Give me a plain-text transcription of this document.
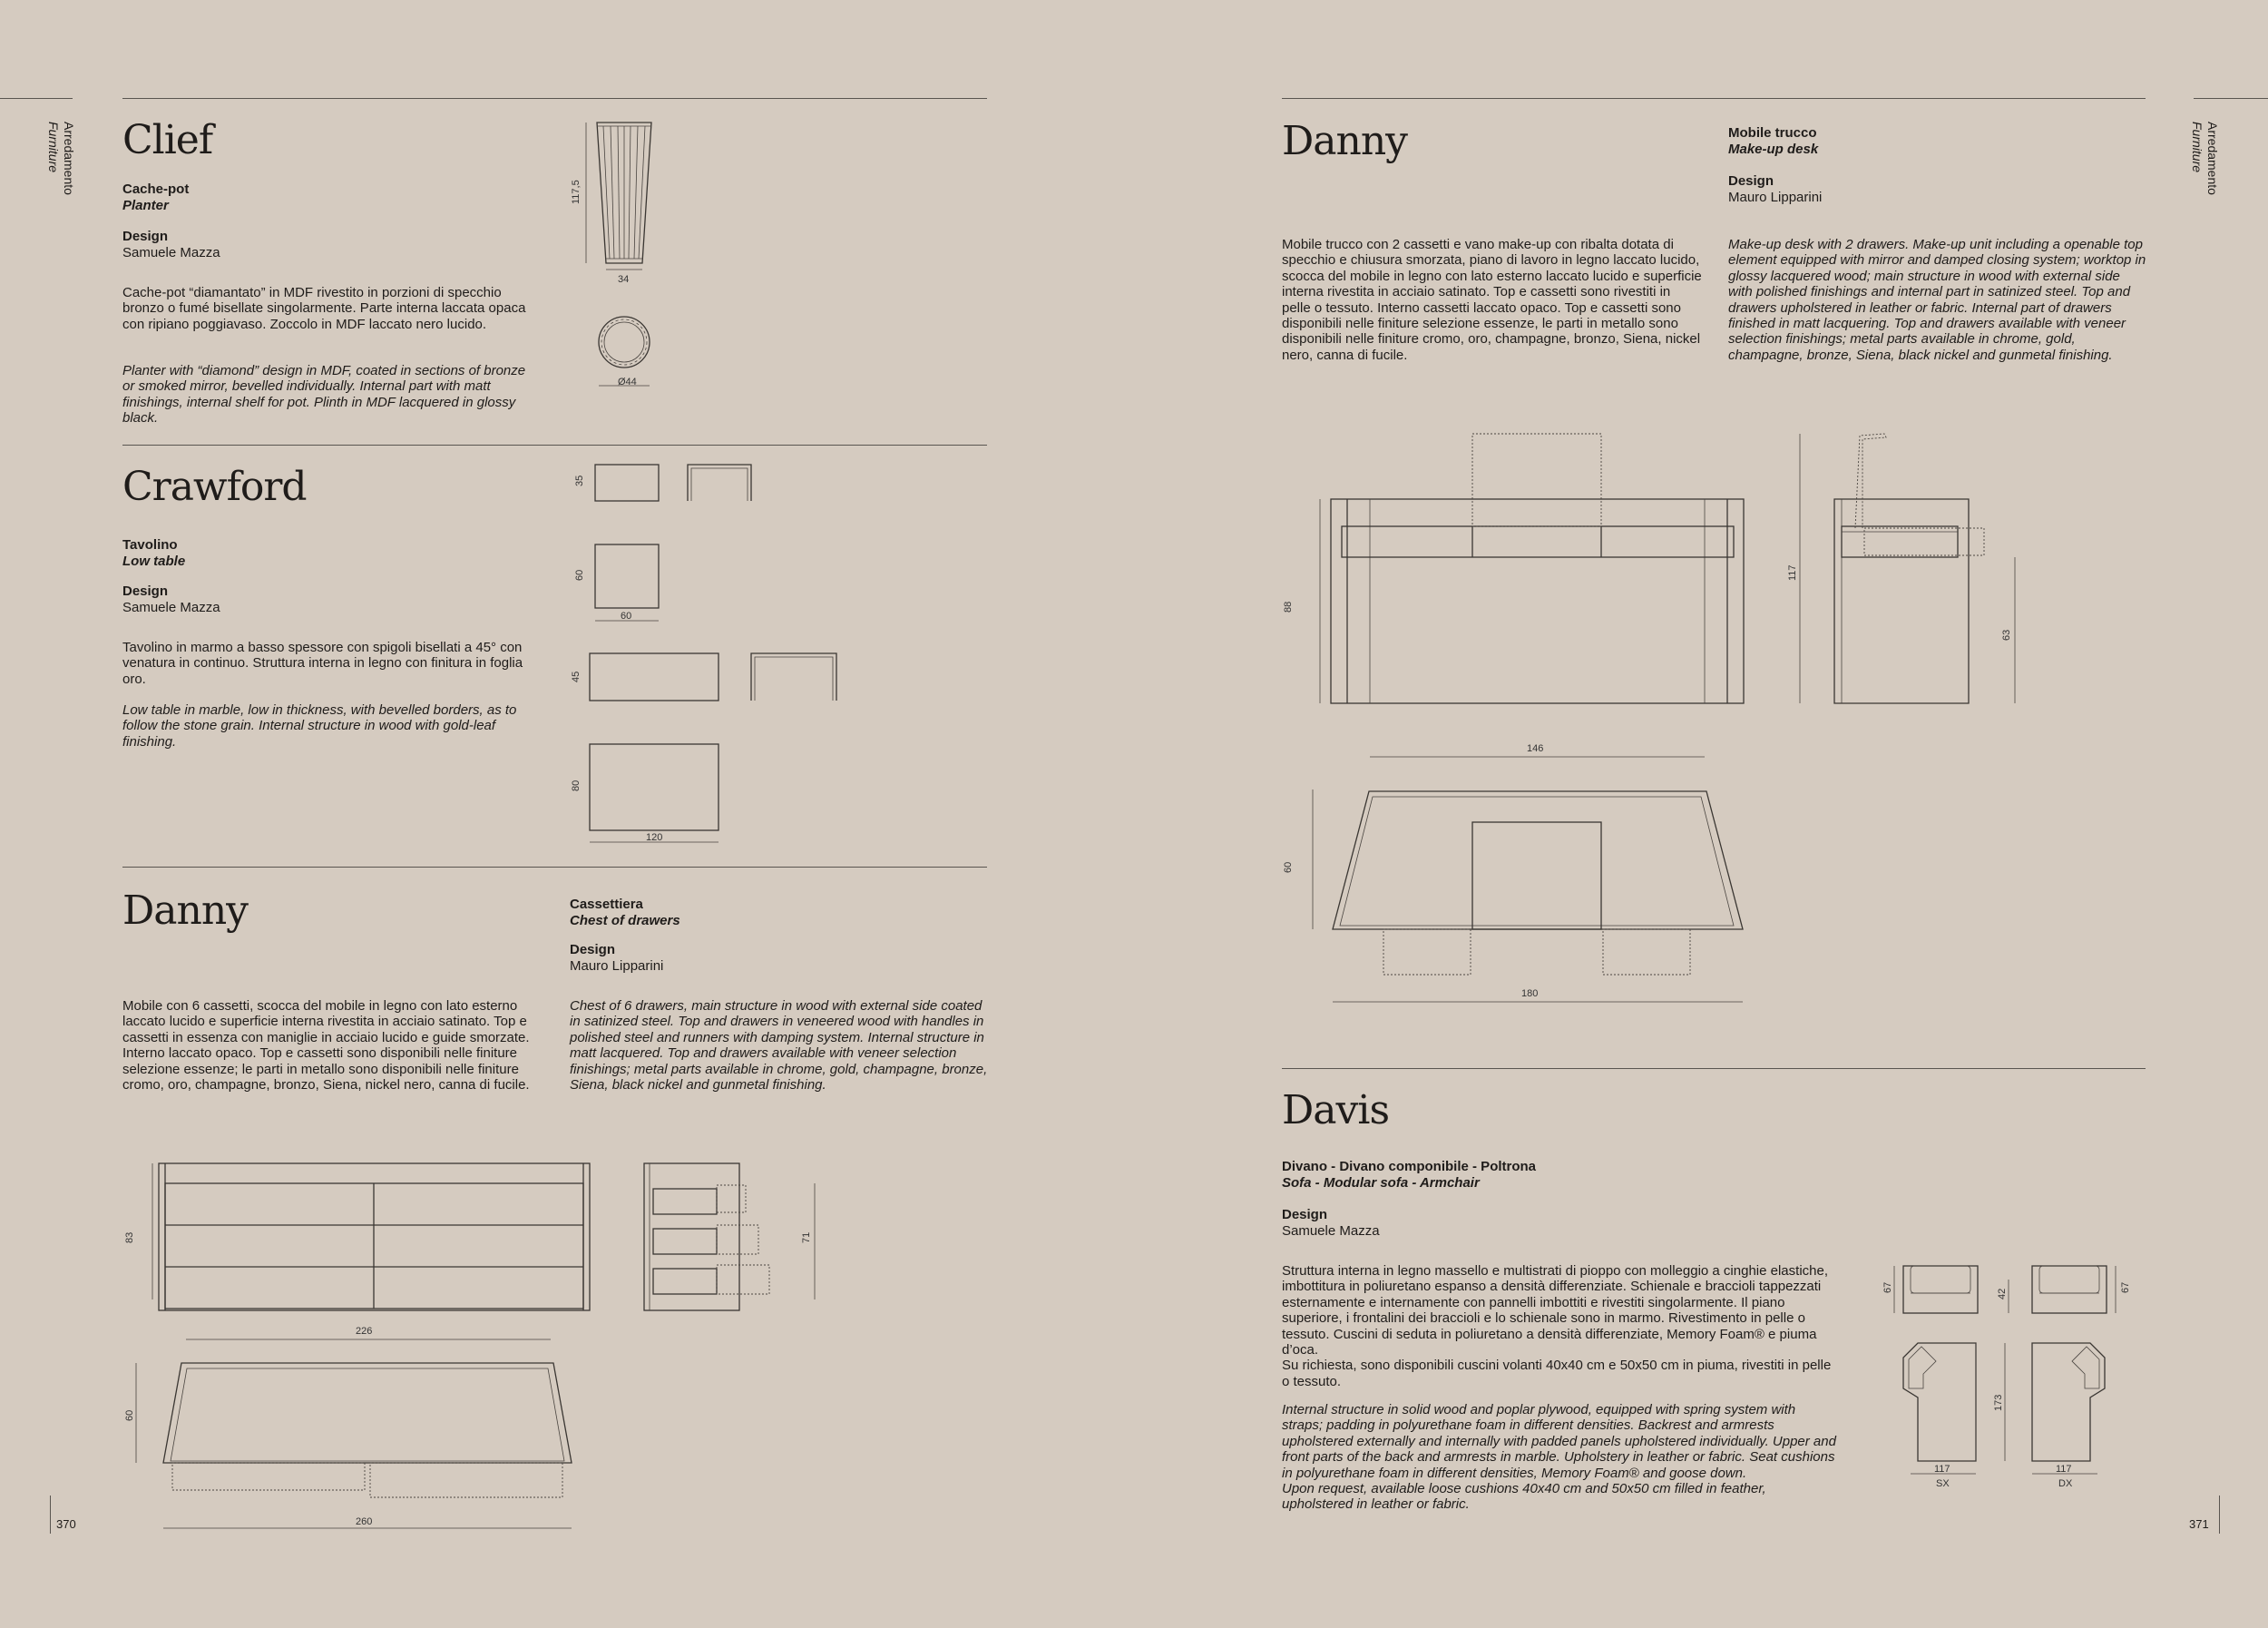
Arredamento
Furniture
370
Clief
Cache-pot
Planter
Design
Samuele Mazza

Cache-pot “diamantato” in MDF rivestito in porzioni di specchio bronzo o fumé bisellate singolarmente. Parte interna laccata opaca con ripiano poggiavaso. Zoccolo in MDF laccato nero lucido.

Planter with “diamond” design in MDF, coated in sections of bronze or smoked mirror, bevelled individually. Internal part with matt finishings, internal shelf for pot. Plinth in MDF lacquered in glossy black.

117,5
34
Ø44
Crawford
Tavolino
Low table
Design
Samuele Mazza

Tavolino in marmo a basso spessore con spigoli bisellati a 45° con venatura in continuo. Struttura interna in legno con finitura in foglia oro.

Low table in marble, low in thickness, with bevelled borders, as to follow the stone grain. Internal structure in wood with gold-leaf finishing.

35
60
60
45
80
120
Danny	Cassettiera
Chest of drawers
Design
Mauro Lipparini

Mobile con 6 cassetti, scocca del mobile in legno con lato esterno laccato lucido e superficie interna rivestita in acciaio satinato. Top e cassetti in essenza con maniglie in acciaio lucido e guide smorzate. Interno laccato opaco. Top e cassetti sono disponibili nelle finiture selezione essenze; le parti in metallo sono disponibili nelle finiture cromo, oro, champagne, bronzo, Siena, nickel nero, canna di fucile.

Chest of 6 drawers, main structure in wood with external side coated in satinized steel. Top and drawers in veneered wood with handles in polished steel and runners with damping system. Internal structure in matt lacquered. Top and drawers available with veneer selection finishings; metal parts available in chrome, gold, champagne, bronze, Siena, black nickel and gunmetal finishing.

83
226
71
60
260
Arredamento
Furniture
371
Danny	Mobile trucco
Make-up desk
Design
Mauro Lipparini

Mobile trucco con 2 cassetti e vano make-up con ribalta dotata di specchio e chiusura smorzata, piano di lavoro in legno laccato lucido, scocca del mobile in legno con lato esterno laccato lucido e superficie interna rivestita in acciaio satinato. Top e cassetti sono rivestiti in pelle o tessuto. Interno cassetti laccato opaco. Top e cassetti sono disponibili nelle finiture selezione essenze, le parti in metallo sono disponibili nelle finiture cromo, oro, champagne, bronzo, Siena, nickel nero, canna di fucile.

Make-up desk with 2 drawers. Make-up unit including a openable top element equipped with mirror and damped closing system; worktop in glossy lacquered wood; main structure in wood with external side with polished finishings and internal part in satinized steel. Top and drawers upholstered in leather or fabric. Internal part of drawers finished in matt lacquering. Top and drawers available with veneer selection finishings; metal parts available in chrome, gold, champagne, bronze, Siena, black nickel and gunmetal finishing.

88
146
117
63
60
180
Davis
Divano - Divano componibile - Poltrona
Sofa - Modular sofa - Armchair
Design
Samuele Mazza
Struttura interna in legno massello e multistrati di pioppo con molleggio a cinghie elastiche, imbottitura in poliuretano espanso a densità differenziate. Schienale e braccioli tappezzati esternamente e internamente con pannelli imbottiti e rivestiti singolarmente. Il piano superiore, i frontalini dei braccioli e lo schienale sono in marmo. Rivestimento in pelle o tessuto. Cuscini di seduta in poliuretano a densità differenziate, Memory Foam® e piuma d’oca.
Su richiesta, sono disponibili cuscini volanti 40x40 cm e 50x50 cm in piuma, rivestiti in pelle o tessuto.
Internal structure in solid wood and poplar plywood, equipped with spring system with straps; padding in polyurethane foam in different densities. Backrest and armrests upholstered externally and internally with padded panels upholstered individually. Upper and front parts of the back and armrests in marble. Upholstery in leather or fabric. Seat cushions in polyurethane foam in different densities, Memory Foam® and goose down.
Upon request, available loose cushions 40x40 cm and 50x50 cm filled in feather, upholstered in leather or fabric.
67
42
67
173
117
SX
117
DX
